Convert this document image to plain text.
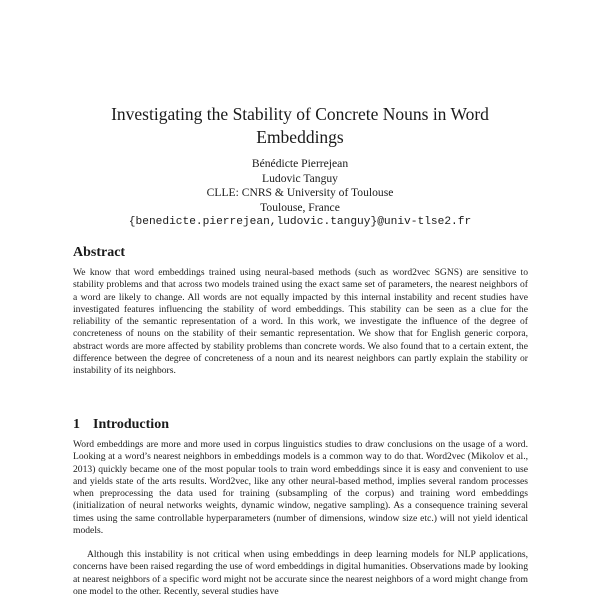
Investigating the Stability of Concrete Nouns in Word Embeddings
Bénédicte Pierrejean
Ludovic Tanguy
CLLE: CNRS & University of Toulouse
Toulouse, France
{benedicte.pierrejean,ludovic.tanguy}@univ-tlse2.fr
Abstract

We know that word embeddings trained using neural-based methods (such as word2vec SGNS) are sensitive to stability problems and that across two models trained using the exact same set of parameters, the nearest neighbors of a word are likely to change. All words are not equally impacted by this internal instability and recent studies have investigated features influencing the stability of word embeddings. This stability can be seen as a clue for the reliability of the semantic representation of a word. In this work, we investigate the influence of the degree of concreteness of nouns on the stability of their semantic representation. We show that for English generic corpora, abstract words are more affected by stability problems than concrete words. We also found that to a certain extent, the difference between the degree of concreteness of a noun and its nearest neighbors can partly explain the stability or instability of its neighbors.

1 Introduction

Word embeddings are more and more used in corpus linguistics studies to draw conclusions on the usage of a word. Looking at a word’s nearest neighbors in embeddings models is a common way to do that. Word2vec (Mikolov et al., 2013) quickly became one of the most popular tools to train word embeddings since it is easy and convenient to use and yields state of the arts results. Word2vec, like any other neural-based method, implies several random processes when preprocessing the data used for training (subsampling of the corpus) and training word embeddings (initialization of neural networks weights, dynamic window, negative sampling). As a consequence training several times using the same controllable hyperparameters (number of dimensions, window size etc.) will not yield identical models.

Although this instability is not critical when using embeddings in deep learning models for NLP applications, concerns have been raised regarding the use of word embeddings in digital humanities. Observations made by looking at nearest neighbors of a specific word might not be accurate since the nearest neighbors of a word might change from one model to the other. Recently, several studies have
